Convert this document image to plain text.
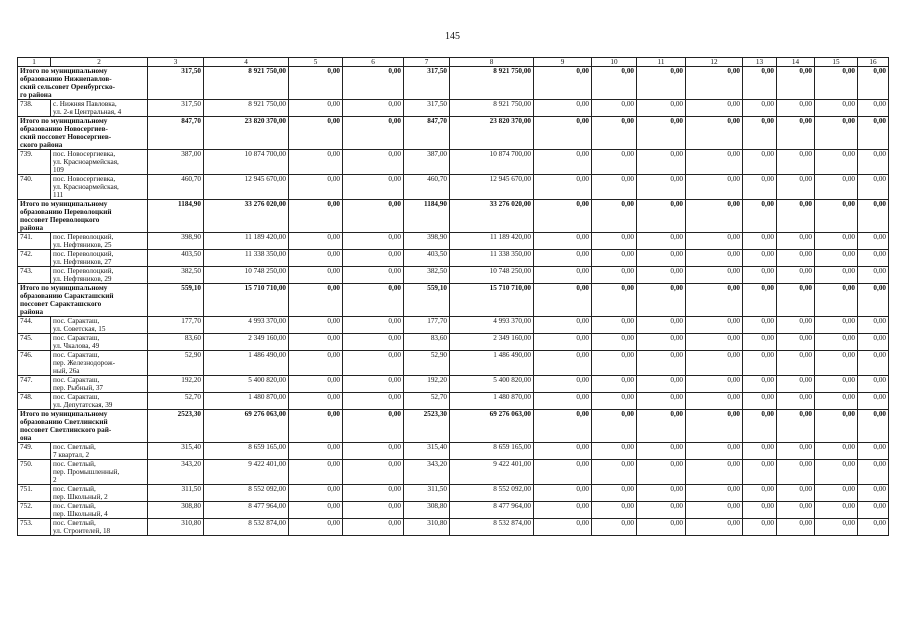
145
1	2	3	4	5	6	7	8	9	10	11	12	13	14	15	16

Итого по муниципальному
образованию Нижнепавлов-
ский сельсовет Оренбургско-
го района		317,50	8 921 750,00	0,00	0,00	317,50	8 921 750,00	0,00	0,00	0,00	0,00	0,00	0,00	0,00	0,00
738.	с. Нижняя Павловка,
ул. 2-я Центральная, 4	317,50	8 921 750,00	0,00	0,00	317,50	8 921 750,00	0,00	0,00	0,00	0,00	0,00	0,00	0,00	0,00

Итого по муниципальному
образованию Новосергиев-
ский поссовет Новосергиев-
ского района		847,70	23 820 370,00	0,00	0,00	847,70	23 820 370,00	0,00	0,00	0,00	0,00	0,00	0,00	0,00	0,00
739.	пос. Новосергиевка,
ул. Красноармейская,
109	387,00	10 874 700,00	0,00	0,00	387,00	10 874 700,00	0,00	0,00	0,00	0,00	0,00	0,00	0,00	0,00
740.	пос. Новосергиевка,
ул. Красноармейская,
111	460,70	12 945 670,00	0,00	0,00	460,70	12 945 670,00	0,00	0,00	0,00	0,00	0,00	0,00	0,00	0,00

Итого по муниципальному
образованию Переволоцкий
поссовет Переволоцкого
района		1184,90	33 276 020,00	0,00	0,00	1184,90	33 276 020,00	0,00	0,00	0,00	0,00	0,00	0,00	0,00	0,00
741.	пос. Переволоцкий,
ул. Нефтяников, 25	398,90	11 189 420,00	0,00	0,00	398,90	11 189 420,00	0,00	0,00	0,00	0,00	0,00	0,00	0,00	0,00
742.	пос. Переволоцкий,
ул. Нефтяников, 27	403,50	11 338 350,00	0,00	0,00	403,50	11 338 350,00	0,00	0,00	0,00	0,00	0,00	0,00	0,00	0,00
743.	пос. Переволоцкий,
ул. Нефтяников, 29	382,50	10 748 250,00	0,00	0,00	382,50	10 748 250,00	0,00	0,00	0,00	0,00	0,00	0,00	0,00	0,00

Итого по муниципальному
образованию Саракташский
поссовет Саракташского
района		559,10	15 710 710,00	0,00	0,00	559,10	15 710 710,00	0,00	0,00	0,00	0,00	0,00	0,00	0,00	0,00
744.	пос. Саракташ,
ул. Советская, 15	177,70	4 993 370,00	0,00	0,00	177,70	4 993 370,00	0,00	0,00	0,00	0,00	0,00	0,00	0,00	0,00
745.	пос. Саракташ,
ул. Чкалова, 49	83,60	2 349 160,00	0,00	0,00	83,60	2 349 160,00	0,00	0,00	0,00	0,00	0,00	0,00	0,00	0,00
746.	пос. Саракташ,
пер. Железнодорож-
ный, 26а	52,90	1 486 490,00	0,00	0,00	52,90	1 486 490,00	0,00	0,00	0,00	0,00	0,00	0,00	0,00	0,00
747.	пос. Саракташ,
пер. Рыбный, 37	192,20	5 400 820,00	0,00	0,00	192,20	5 400 820,00	0,00	0,00	0,00	0,00	0,00	0,00	0,00	0,00
748.	пос. Саракташ,
ул. Депутатская, 39	52,70	1 480 870,00	0,00	0,00	52,70	1 480 870,00	0,00	0,00	0,00	0,00	0,00	0,00	0,00	0,00

Итого по муниципальному
образованию Светлинский
поссовет Светлинского рай-
она		2523,30	69 276 063,00	0,00	0,00	2523,30	69 276 063,00	0,00	0,00	0,00	0,00	0,00	0,00	0,00	0,00
749.	пос. Светлый,
7 квартал, 2	315,40	8 659 165,00	0,00	0,00	315,40	8 659 165,00	0,00	0,00	0,00	0,00	0,00	0,00	0,00	0,00
750.	пос. Светлый,
пер. Промышленный,
2	343,20	9 422 401,00	0,00	0,00	343,20	9 422 401,00	0,00	0,00	0,00	0,00	0,00	0,00	0,00	0,00
751.	пос. Светлый,
пер. Школьный, 2	311,50	8 552 092,00	0,00	0,00	311,50	8 552 092,00	0,00	0,00	0,00	0,00	0,00	0,00	0,00	0,00
752.	пос. Светлый,
пер. Школьный, 4	308,80	8 477 964,00	0,00	0,00	308,80	8 477 964,00	0,00	0,00	0,00	0,00	0,00	0,00	0,00	0,00
753.	пос. Светлый,
ул. Строителей, 18	310,80	8 532 874,00	0,00	0,00	310,80	8 532 874,00	0,00	0,00	0,00	0,00	0,00	0,00	0,00	0,00
